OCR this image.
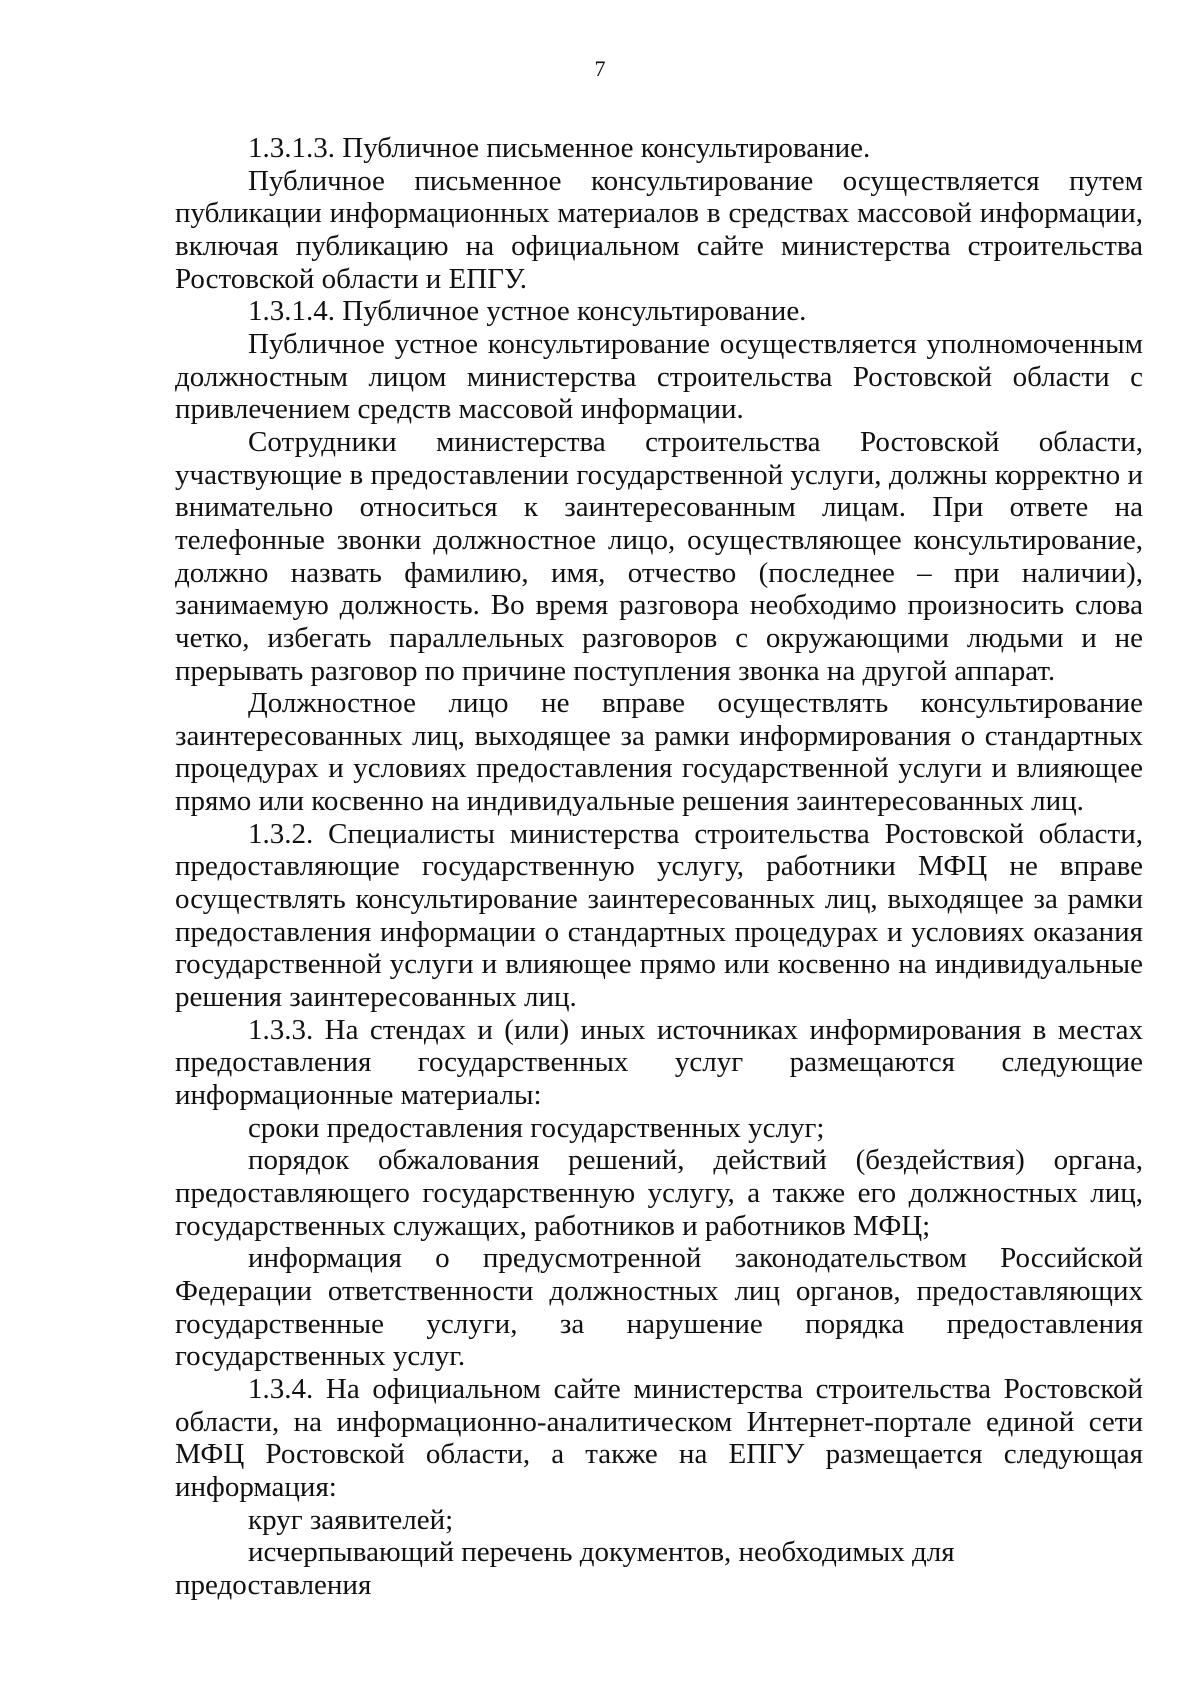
7

1.3.1.3. Публичное письменное консультирование.

Публичное письменное консультирование осуществляется путем публикации информационных материалов в средствах массовой информации, включая публикацию на официальном сайте министерства строительства Ростовской области и ЕПГУ.

1.3.1.4. Публичное устное консультирование.

Публичное устное консультирование осуществляется уполномоченным должностным лицом министерства строительства Ростовской области с привлечением средств массовой информации.

Сотрудники министерства строительства Ростовской области, участвующие в предоставлении государственной услуги, должны корректно и внимательно относиться к заинтересованным лицам. При ответе на телефонные звонки должностное лицо, осуществляющее консультирование, должно назвать фамилию, имя, отчество (последнее – при наличии), занимаемую должность. Во время разговора необходимо произносить слова четко, избегать параллельных разговоров с окружающими людьми и не прерывать разговор по причине поступления звонка на другой аппарат.

Должностное лицо не вправе осуществлять консультирование заинтересованных лиц, выходящее за рамки информирования о стандартных процедурах и условиях предоставления государственной услуги и влияющее прямо или косвенно на индивидуальные решения заинтересованных лиц.

1.3.2. Специалисты министерства строительства Ростовской области, предоставляющие государственную услугу, работники МФЦ не вправе осуществлять консультирование заинтересованных лиц, выходящее за рамки предоставления информации о стандартных процедурах и условиях оказания государственной услуги и влияющее прямо или косвенно на индивидуальные решения заинтересованных лиц.

1.3.3. На стендах и (или) иных источниках информирования в местах предоставления государственных услуг размещаются следующие информационные материалы:

сроки предоставления государственных услуг;

порядок обжалования решений, действий (бездействия) органа, предоставляющего государственную услугу, а также его должностных лиц, государственных служащих, работников и работников МФЦ;

информация о предусмотренной законодательством Российской Федерации ответственности должностных лиц органов, предоставляющих государственные услуги, за нарушение порядка предоставления государственных услуг.

1.3.4. На официальном сайте министерства строительства Ростовской области, на информационно-аналитическом Интернет-портале единой сети МФЦ Ростовской области, а также на ЕПГУ размещается следующая информация:

круг заявителей;

исчерпывающий перечень документов, необходимых для предоставления
